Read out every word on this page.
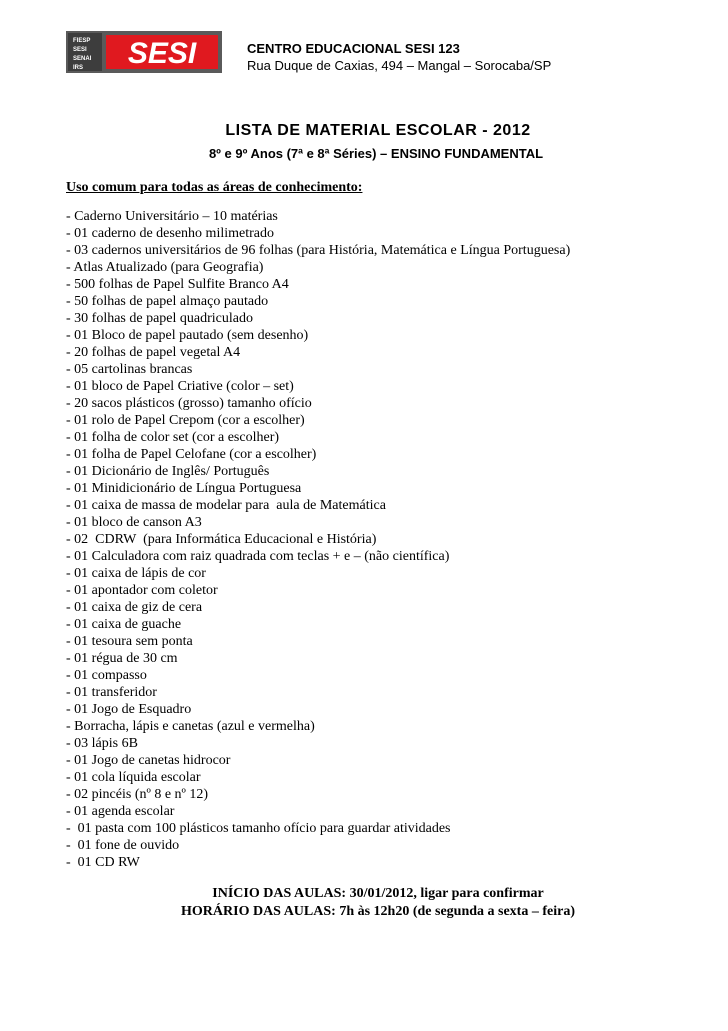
FIESP
SESI
SENAI
IRS SESI	CENTRO EDUCACIONAL SESI 123
Rua Duque de Caxias, 494 – Mangal – Sorocaba/SP
LISTA DE MATERIAL ESCOLAR - 2012
8º e 9º Anos (7ª e 8ª Séries) – ENSINO FUNDAMENTAL
Uso comum para todas as áreas de conhecimento:
- Caderno Universitário – 10 matérias
- 01 caderno de desenho milimetrado
- 03 cadernos universitários de 96 folhas (para História, Matemática e Língua Portuguesa)
- Atlas Atualizado (para Geografia)
- 500 folhas de Papel Sulfite Branco A4
- 50 folhas de papel almaço pautado
- 30 folhas de papel quadriculado
- 01 Bloco de papel pautado (sem desenho)
- 20 folhas de papel vegetal A4
- 05 cartolinas brancas
- 01 bloco de Papel Criative (color – set)
- 20 sacos plásticos (grosso) tamanho ofício
- 01 rolo de Papel Crepom (cor a escolher)
- 01 folha de color set (cor a escolher)
- 01 folha de Papel Celofane (cor a escolher)
- 01 Dicionário de Inglês/ Português
- 01 Minidicionário de Língua Portuguesa
- 01 caixa de massa de modelar para  aula de Matemática
- 01 bloco de canson A3
- 02  CDRW  (para Informática Educacional e História)
- 01 Calculadora com raiz quadrada com teclas + e – (não científica)
- 01 caixa de lápis de cor
- 01 apontador com coletor
- 01 caixa de giz de cera
- 01 caixa de guache
- 01 tesoura sem ponta
- 01 régua de 30 cm
- 01 compasso
- 01 transferidor
- 01 Jogo de Esquadro
- Borracha, lápis e canetas (azul e vermelha)
- 03 lápis 6B
- 01 Jogo de canetas hidrocor
- 01 cola líquida escolar
- 02 pincéis (nº 8 e nº 12)
- 01 agenda escolar
-  01 pasta com 100 plásticos tamanho ofício para guardar atividades
-  01 fone de ouvido
-  01 CD RW
INÍCIO DAS AULAS: 30/01/2012, ligar para confirmar
HORÁRIO DAS AULAS: 7h às 12h20 (de segunda a sexta – feira)
